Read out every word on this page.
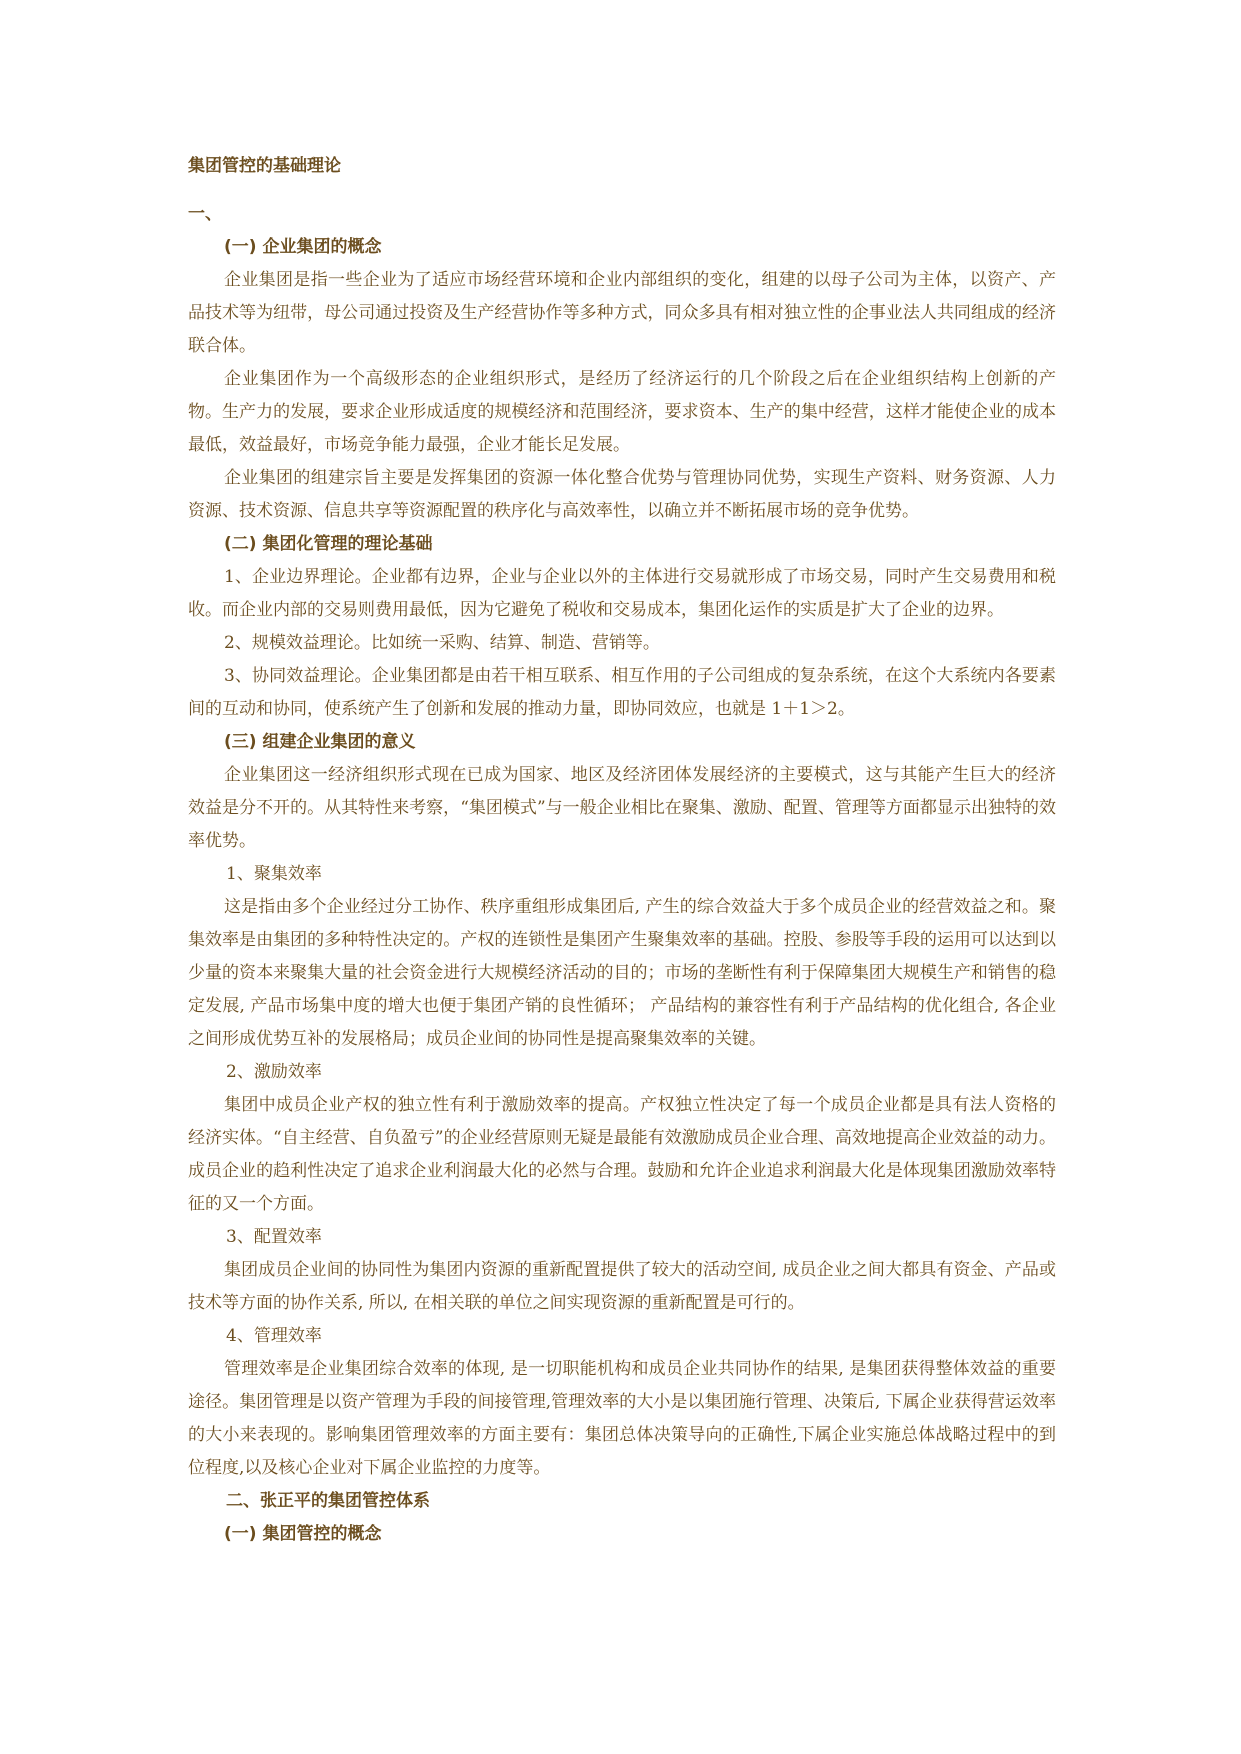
集团管控的基础理论

一、

(一) 企业集团的概念

企业集团是指一些企业为了适应市场经营环境和企业内部组织的变化，组建的以母子公司为主体，以资产、产品技术等为纽带，母公司通过投资及生产经营协作等多种方式，同众多具有相对独立性的企事业法人共同组成的经济联合体。

企业集团作为一个高级形态的企业组织形式，是经历了经济运行的几个阶段之后在企业组织结构上创新的产物。生产力的发展，要求企业形成适度的规模经济和范围经济，要求资本、生产的集中经营，这样才能使企业的成本最低，效益最好，市场竞争能力最强，企业才能长足发展。

企业集团的组建宗旨主要是发挥集团的资源一体化整合优势与管理协同优势，实现生产资料、财务资源、人力资源、技术资源、信息共享等资源配置的秩序化与高效率性，以确立并不断拓展市场的竞争优势。

(二) 集团化管理的理论基础

1、企业边界理论。企业都有边界，企业与企业以外的主体进行交易就形成了市场交易，同时产生交易费用和税收。而企业内部的交易则费用最低，因为它避免了税收和交易成本，集团化运作的实质是扩大了企业的边界。

2、规模效益理论。比如统一采购、结算、制造、营销等。

3、协同效益理论。企业集团都是由若干相互联系、相互作用的子公司组成的复杂系统，在这个大系统内各要素间的互动和协同，使系统产生了创新和发展的推动力量，即协同效应，也就是 1＋1＞2。

(三) 组建企业集团的意义

企业集团这一经济组织形式现在已成为国家、地区及经济团体发展经济的主要模式，这与其能产生巨大的经济效益是分不开的。从其特性来考察，“集团模式”与一般企业相比在聚集、激励、配置、管理等方面都显示出独特的效率优势。

1、聚集效率

这是指由多个企业经过分工协作、秩序重组形成集团后, 产生的综合效益大于多个成员企业的经营效益之和。聚集效率是由集团的多种特性决定的。产权的连锁性是集团产生聚集效率的基础。控股、参股等手段的运用可以达到以少量的资本来聚集大量的社会资金进行大规模经济活动的目的；市场的垄断性有利于保障集团大规模生产和销售的稳定发展, 产品市场集中度的增大也便于集团产销的良性循环； 产品结构的兼容性有利于产品结构的优化组合, 各企业之间形成优势互补的发展格局；成员企业间的协同性是提高聚集效率的关键。

2、激励效率

集团中成员企业产权的独立性有利于激励效率的提高。产权独立性决定了每一个成员企业都是具有法人资格的经济实体。“自主经营、自负盈亏”的企业经营原则无疑是最能有效激励成员企业合理、高效地提高企业效益的动力。成员企业的趋利性决定了追求企业利润最大化的必然与合理。鼓励和允许企业追求利润最大化是体现集团激励效率特征的又一个方面。

3、配置效率

集团成员企业间的协同性为集团内资源的重新配置提供了较大的活动空间, 成员企业之间大都具有资金、产品或技术等方面的协作关系, 所以, 在相关联的单位之间实现资源的重新配置是可行的。

4、管理效率

管理效率是企业集团综合效率的体现, 是一切职能机构和成员企业共同协作的结果, 是集团获得整体效益的重要途径。集团管理是以资产管理为手段的间接管理,管理效率的大小是以集团施行管理、决策后, 下属企业获得营运效率的大小来表现的。影响集团管理效率的方面主要有：集团总体决策导向的正确性,下属企业实施总体战略过程中的到位程度,以及核心企业对下属企业监控的力度等。

二、张正平的集团管控体系

(一) 集团管控的概念
